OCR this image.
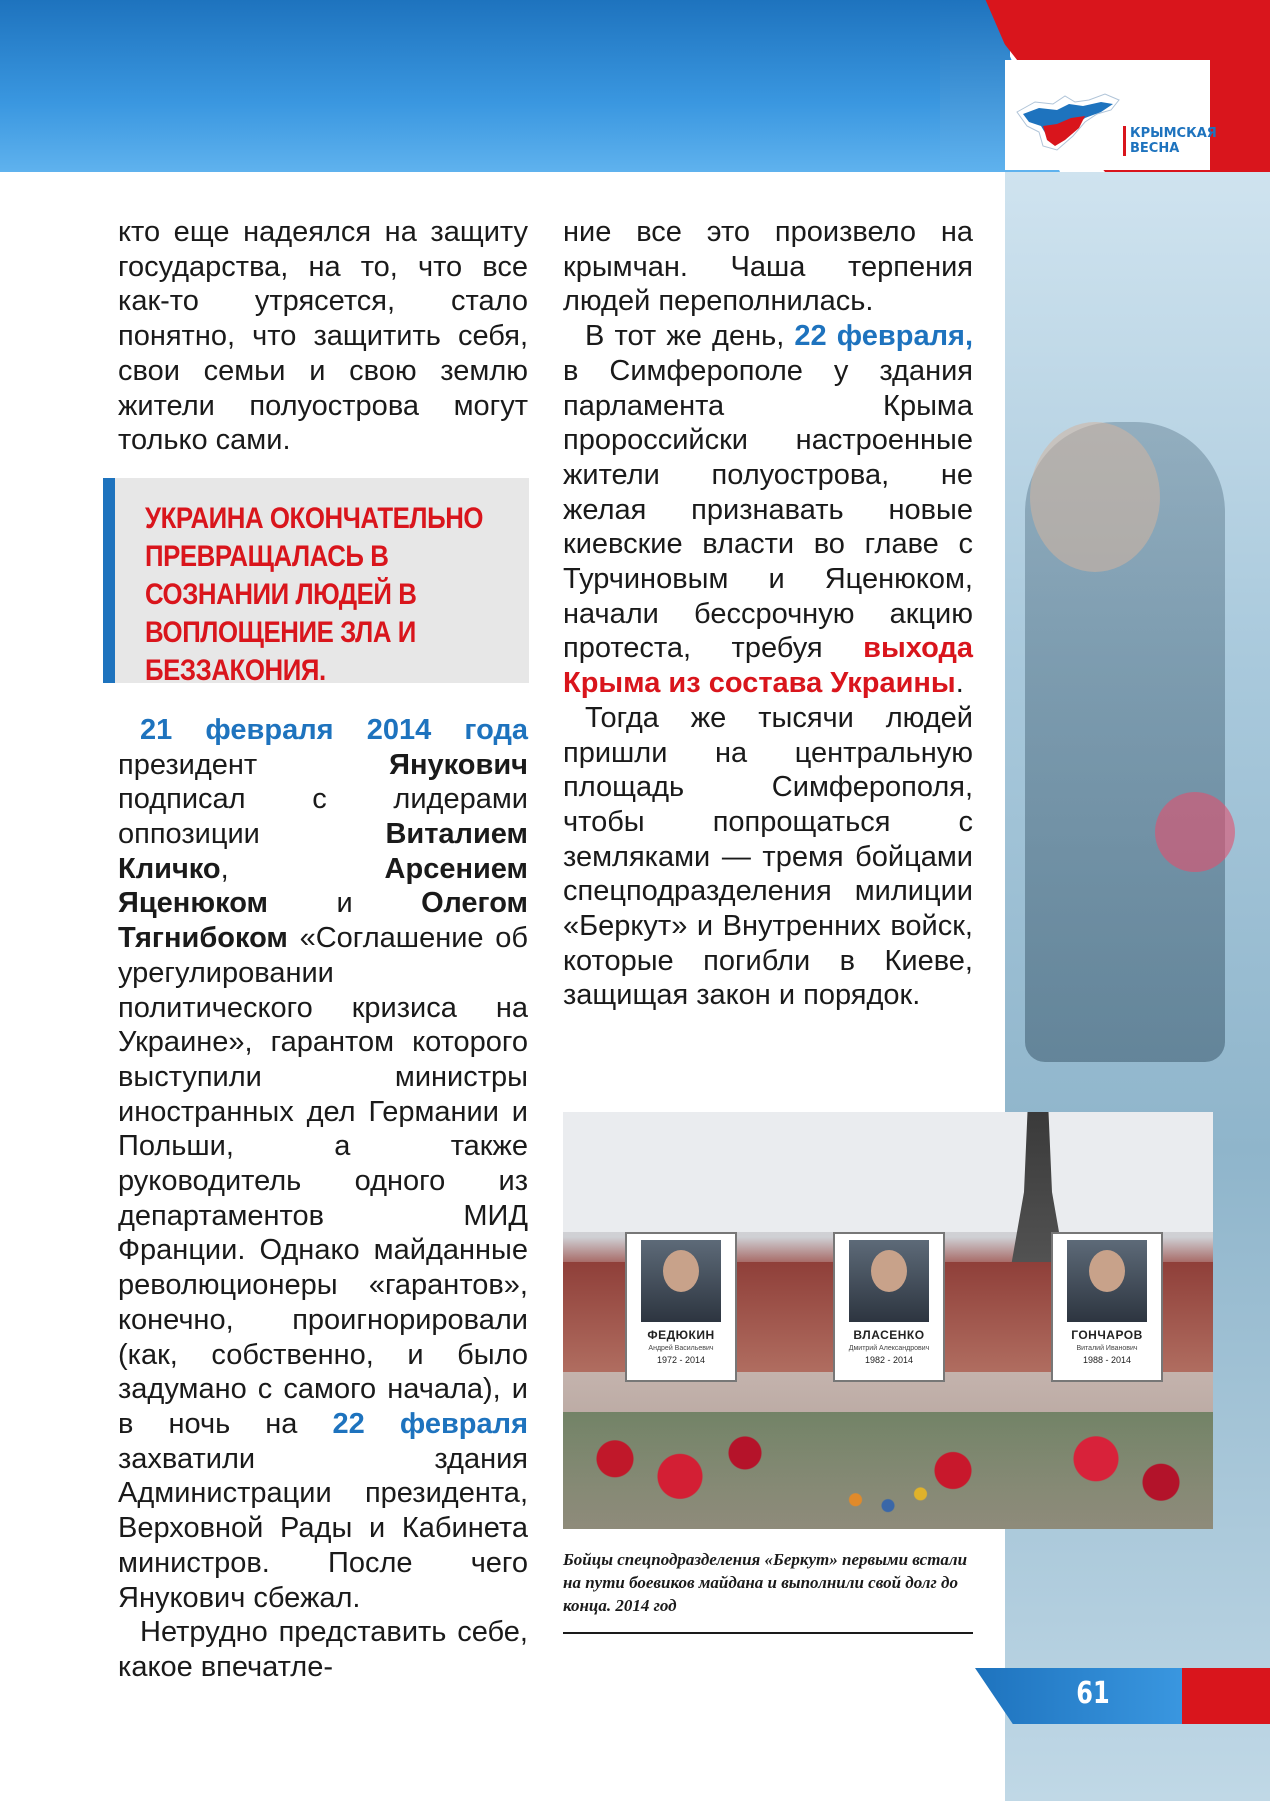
КРЫМСКАЯ
ВЕСНА

кто еще надеялся на защиту государства, на то, что все как-то утрясется, стало понятно, что защитить себя, свои семьи и свою землю жители полуострова могут только сами.

21 февраля 2014 года президент Янукович подписал с лидерами оппозиции Виталием Кличко, Арсением Яценюком и Олегом Тягнибоком «Соглашение об урегулировании политического кризиса на Украине», гарантом которого выступили министры иностранных дел Германии и Польши, а также руководитель одного из департаментов МИД Франции. Однако майданные революционеры «гарантов», конечно, проигнорировали (как, собственно, и было задумано с самого начала), и в ночь на 22 февраля захватили здания Администрации президента, Верховной Рады и Кабинета министров. После чего Янукович сбежал.

Нетрудно представить себе, какое впечатле-

УКРАИНА ОКОНЧАТЕЛЬНО ПРЕВРАЩАЛАСЬ В СОЗНАНИИ ЛЮДЕЙ В ВОПЛОЩЕНИЕ ЗЛА И БЕЗЗАКОНИЯ.

ние все это произвело на крымчан. Чаша терпения людей переполнилась.

В тот же день, 22 февраля, в Симферополе у здания парламента Крыма пророссийски настроенные жители полуострова, не желая признавать новые киевские власти во главе с Турчиновым и Яценюком, начали бессрочную акцию протеста, требуя выхода Крыма из состава Украины.

Тогда же тысячи людей пришли на центральную площадь Симферополя, чтобы попрощаться с земляками — тремя бойцами спецподразделения милиции «Беркут» и Внутренних войск, которые погибли в Киеве, защищая закон и порядок.

ФЕДЮКИН
Андрей Васильевич
1972 - 2014
ВЛАСЕНКО
Дмитрий Александрович
1982 - 2014
ГОНЧАРОВ
Виталий Иванович
1988 - 2014
Бойцы спецподразделения «Беркут» первыми встали на пути боевиков майдана и выполнили свой долг до конца. 2014 год
61
